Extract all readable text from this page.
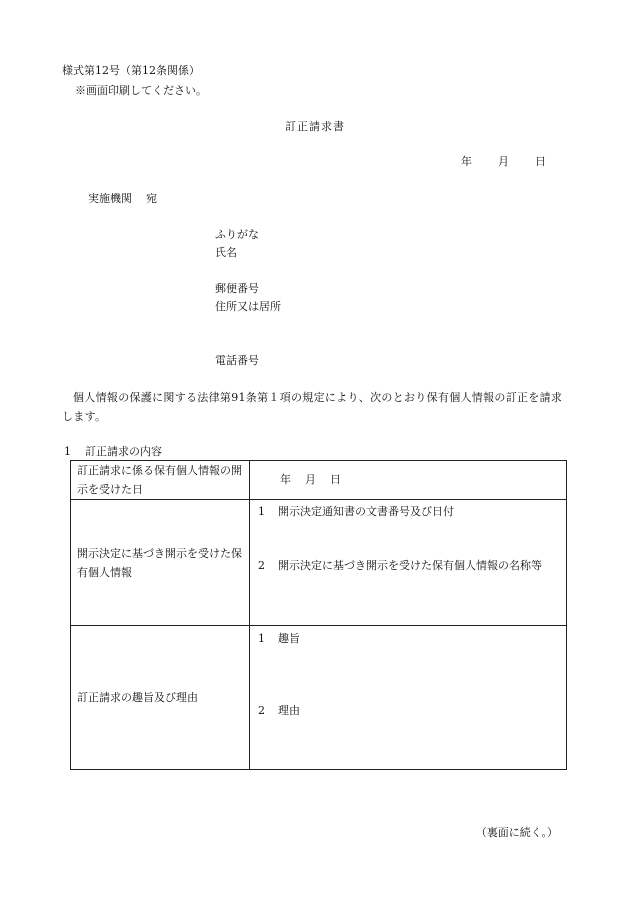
様式第12号（第12条関係）
※画面印刷してください。
訂正請求書
年 月 日
実施機関 宛
ふりがな
氏名
郵便番号
住所又は居所
電話番号
個人情報の保護に関する法律第91条第１項の規定により、次のとおり保有個人情報の訂正を請求します。
1 訂正請求の内容
訂正請求に係る保有個人情報の開示を受けた日	年 月 日

開示決定に基づき開示を受けた保有個人情報	1 開示決定通知書の文書番号及び日付
2 開示決定に基づき開示を受けた保有個人情報の名称等

訂正請求の趣旨及び理由	1 趣旨
2 理由
（裏面に続く。）
